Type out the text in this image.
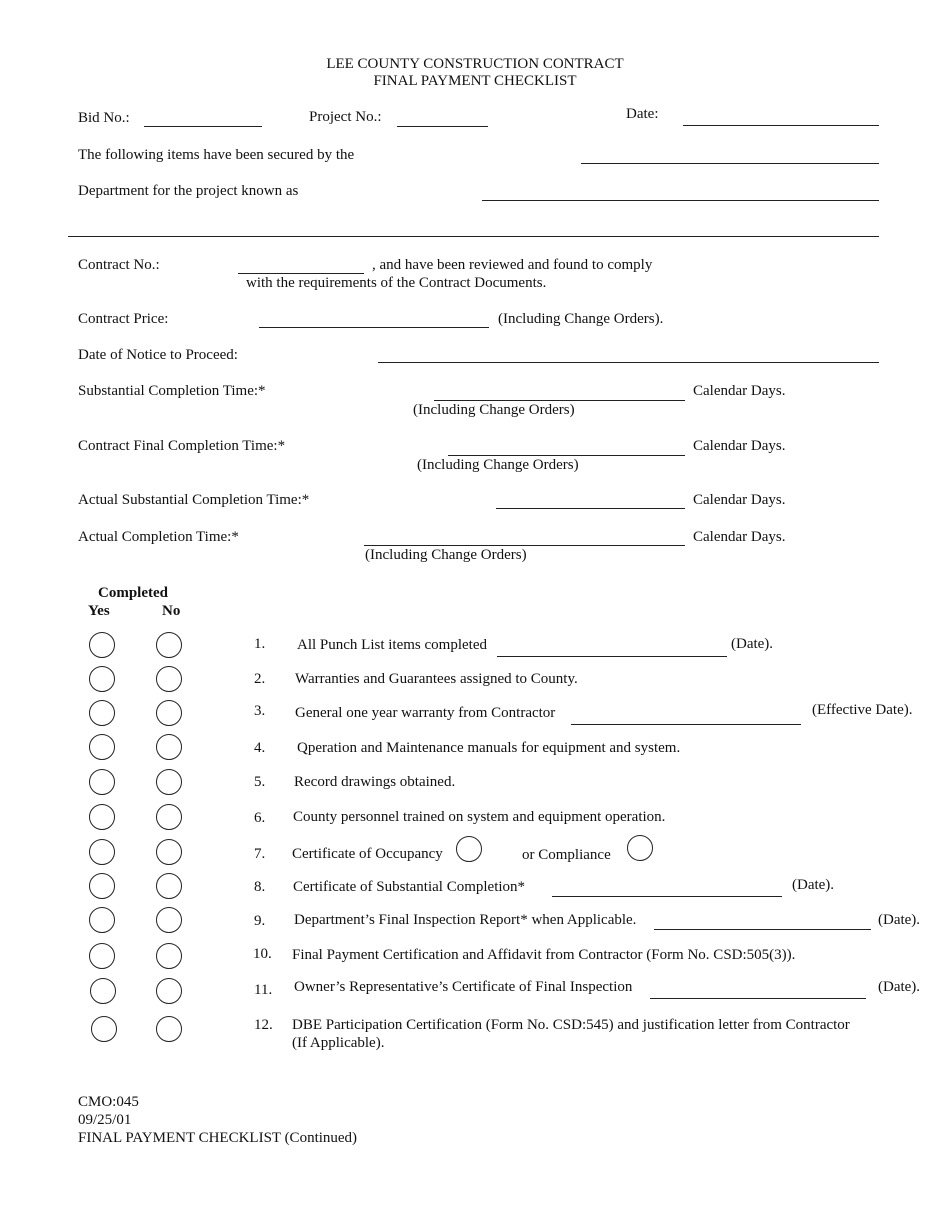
LEE COUNTY CONSTRUCTION CONTRACT
FINAL PAYMENT CHECKLIST
Bid No.:	Project No.:	Date:
The following items have been secured by the
Department for the project known as
Contract No.:	, and have been reviewed and found to comply
with the requirements of the Contract Documents.
Contract Price:	(Including Change Orders).
Date of Notice to Proceed:
Substantial Completion Time:*	Calendar Days.
(Including Change Orders)
Contract Final Completion Time:*	Calendar Days.
(Including Change Orders)
Actual Substantial Completion Time:*	Calendar Days.
Actual Completion Time:*	Calendar Days.
(Including Change Orders)
Completed
Yes	No
1. All Punch List items completed	(Date).
2. Warranties and Guarantees assigned to County.
3. General one year warranty from Contractor	(Effective Date).
4. Qperation and Maintenance manuals for equipment and system.
5. Record drawings obtained.
6. County personnel trained on system and equipment operation.
7. Certificate of Occupancy	or Compliance
8. Certificate of Substantial Completion*	(Date).
9. Department’s Final Inspection Report* when Applicable.	(Date).
10. Final Payment Certification and Affidavit from Contractor (Form No. CSD:505(3)).
11. Owner’s Representative’s Certificate of Final Inspection	(Date).
12. DBE Participation Certification (Form No. CSD:545) and justification letter from Contractor
(If Applicable).
CMO:045
09/25/01
FINAL PAYMENT CHECKLIST (Continued)
